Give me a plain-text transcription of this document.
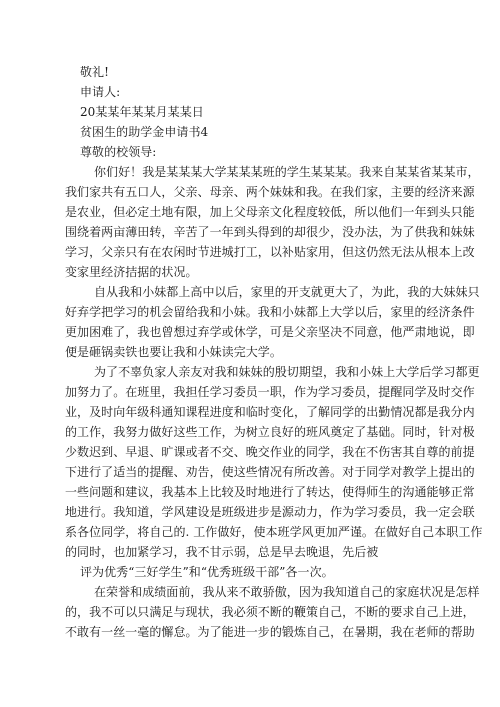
敬礼!
申请人:
20某某年某某月某某日
贫困生的助学金申请书4
尊敬的校领导:
你们好！我是某某某大学某某某班的学生某某某。我来自某某省某某市，
我们家共有五口人，父亲、母亲、两个妹妹和我。在我们家，主要的经济来源
是农业，但必定土地有限，加上父母亲文化程度较低，所以他们一年到头只能
围绕着两亩薄田转，辛苦了一年到头得到的却很少，没办法，为了供我和妹妹
学习，父亲只有在农闲时节进城打工，以补贴家用，但这仍然无法从根本上改
变家里经济拮据的状况。
自从我和小妹都上高中以后，家里的开支就更大了，为此，我的大妹妹只
好弃学把学习的机会留给我和小妹。我和小妹都上大学以后，家里的经济条件
更加困难了，我也曾想过弃学或休学，可是父亲坚决不同意，他严肃地说，即
便是砸锅卖铁也要让我和小妹读完大学。
为了不辜负家人亲友对我和妹妹的殷切期望，我和小妹上大学后学习都更
加努力了。在班里，我担任学习委员一职，作为学习委员，提醒同学及时交作
业，及时向年级科通知课程进度和临时变化，了解同学的出勤情况都是我分内
的工作，我努力做好这些工作，为树立良好的班风奠定了基础。同时，针对极
少数迟到、早退、旷课或者不交、晚交作业的同学，我在不伤害其自尊的前提
下进行了适当的提醒、劝告，使这些情况有所改善。对于同学对教学上提出的
一些问题和建议，我基本上比较及时地进行了转达，使得师生的沟通能够正常
地进行。我知道，学风建设是班级进步是源动力，作为学习委员，我一定会联
系各位同学，将自己的. 工作做好，使本班学风更加严谨。在做好自己本职工作
的同时，也加紧学习，我不甘示弱，总是早去晚退，先后被
评为优秀“三好学生”和“优秀班级干部”各一次。
在荣誉和成绩面前，我从来不敢骄傲，因为我知道自己的家庭状况是怎样
的，我不可以只满足与现状，我必须不断的鞭策自己，不断的要求自己上进，
不敢有一丝一毫的懈怠。为了能进一步的锻炼自己，在暑期，我在老师的帮助
